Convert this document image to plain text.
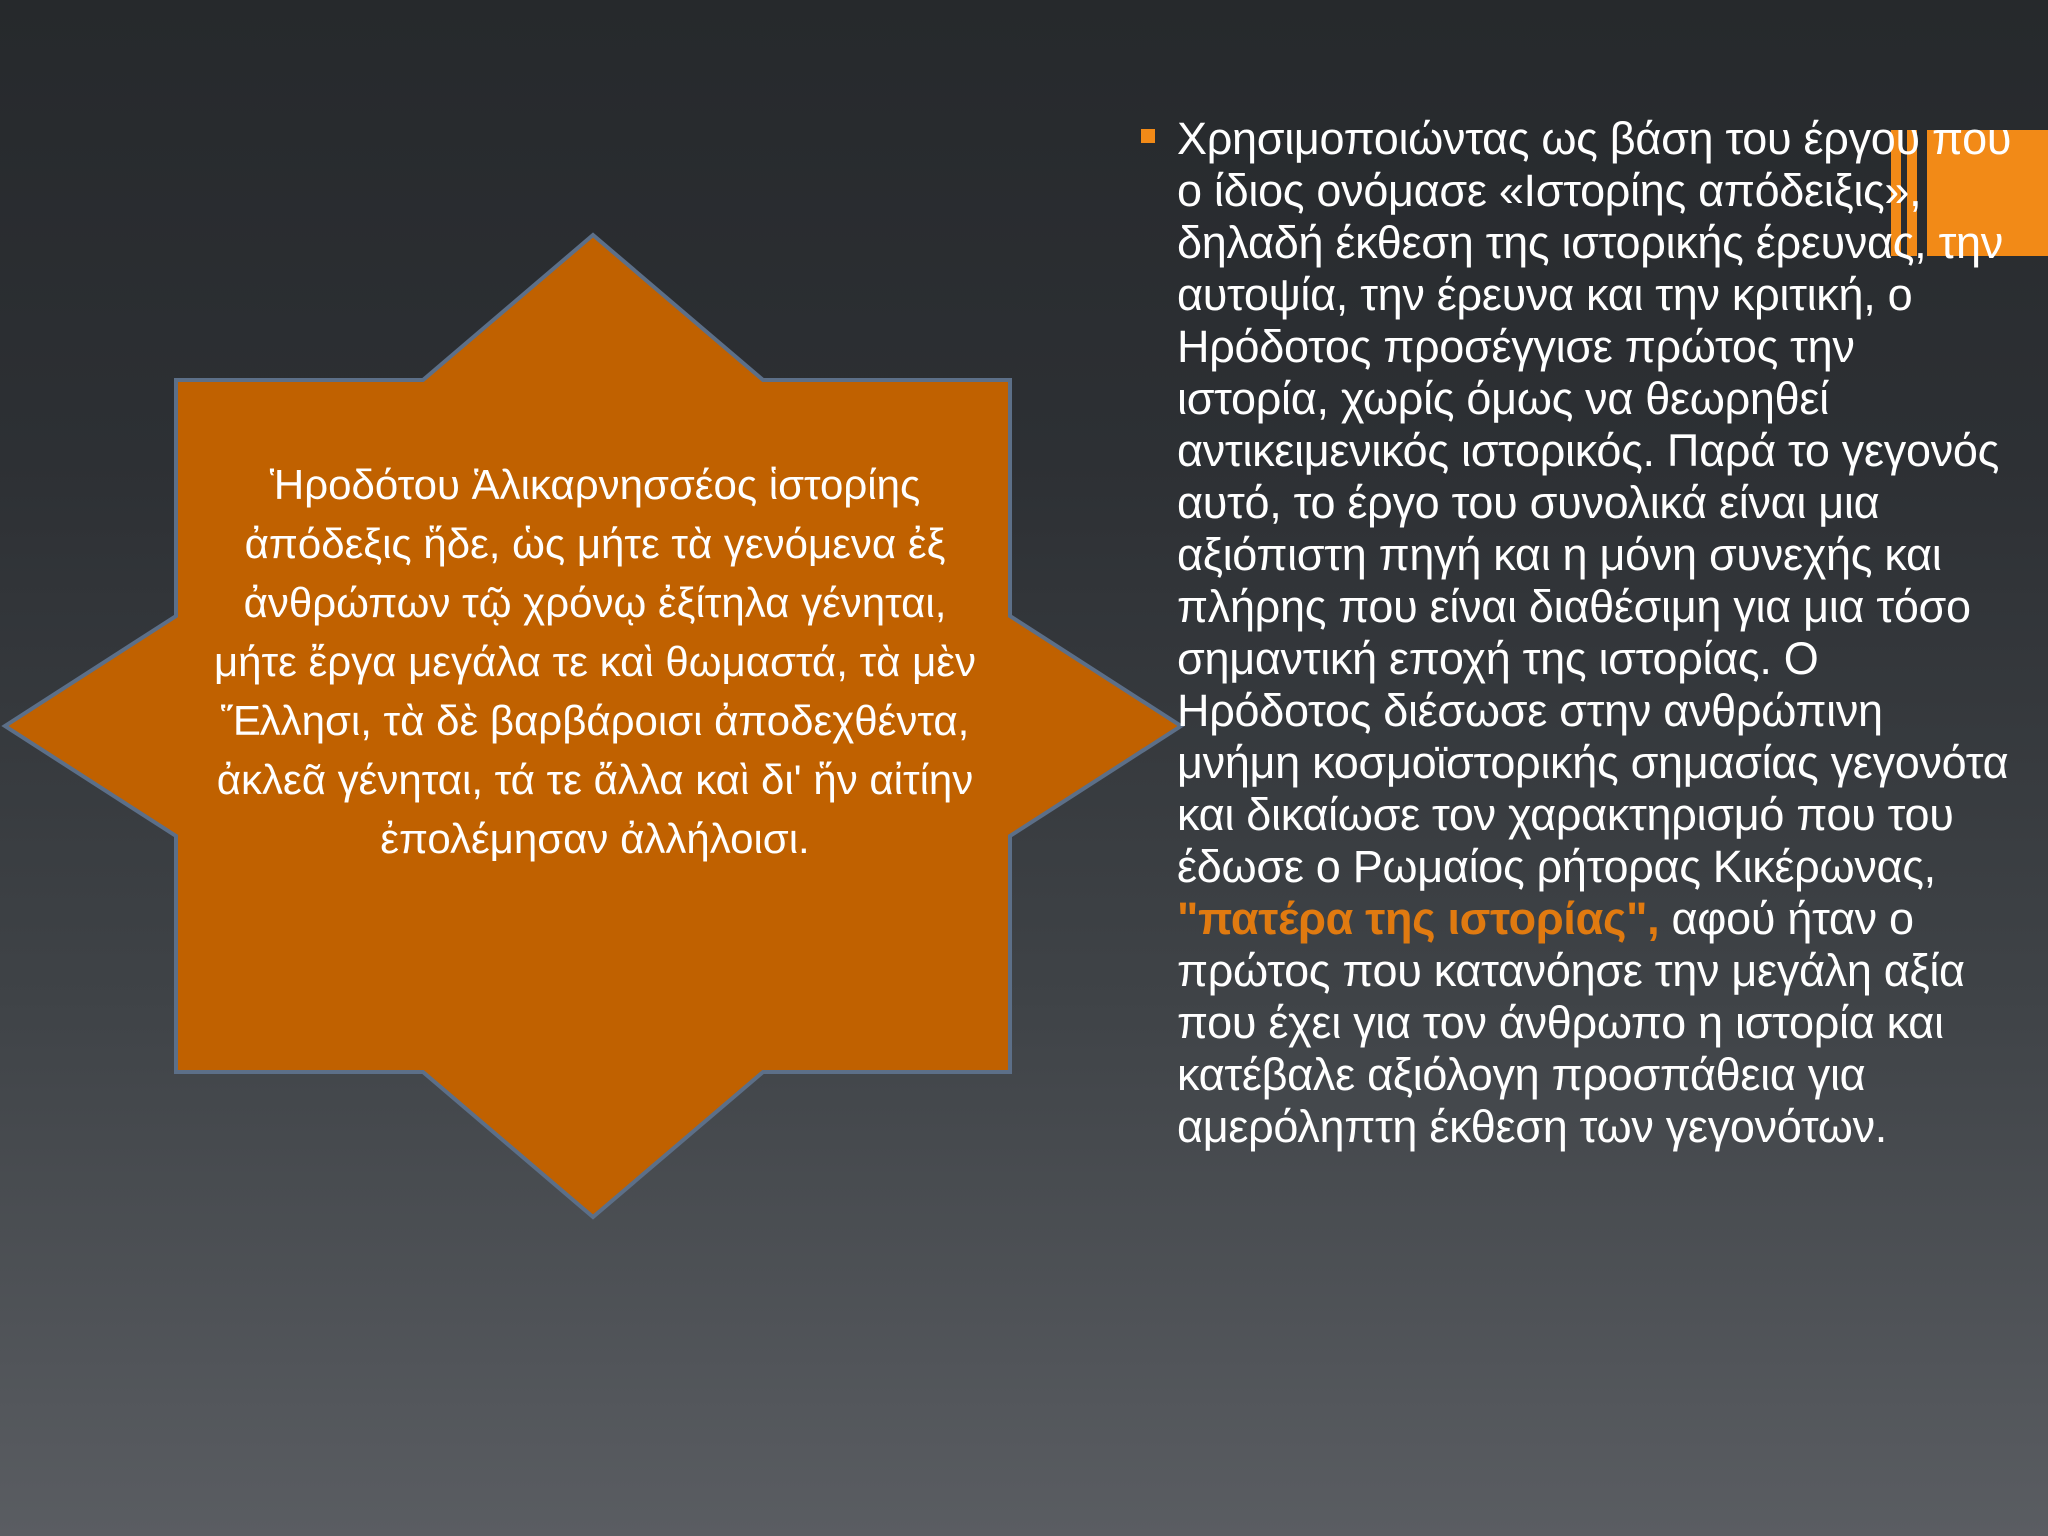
Ἡροδότου Ἁλικαρνησσέος ἱστορίης ἀπόδεξις ἥδε, ὡς μήτε τὰ γενόμενα ἐξ ἀνθρώπων τῷ χρόνῳ ἐξίτηλα γένηται, μήτε ἔργα μεγάλα τε καὶ θωμαστά, τὰ μὲν Ἕλλησι, τὰ δὲ βαρβάροισι ἀποδεχθέντα, ἀκλεᾶ γένηται, τά τε ἄλλα καὶ δι' ἥν αἰτίην ἐπολέμησαν ἀλλήλοισι.
Χρησιμοποιώντας ως βάση του έργου που ο ίδιος ονόμασε «Ιστορίης απόδειξις», δηλαδή έκθεση της ιστορικής έρευνας, την αυτοψία, την έρευνα και την κριτική, ο Ηρόδοτος προσέγγισε πρώτος την ιστορία, χωρίς όμως να θεωρηθεί αντικειμενικός ιστορικός. Παρά το γεγονός αυτό, το έργο του συνολικά είναι μια αξιόπιστη πηγή και η μόνη συνεχής και πλήρης που είναι διαθέσιμη για μια τόσο σημαντική εποχή της ιστορίας. Ο Ηρόδοτος διέσωσε στην ανθρώπινη μνήμη κοσμοϊστορικής σημασίας γεγονότα και δικαίωσε τον χαρακτηρισμό που του έδωσε ο Ρωμαίος ρήτορας Κικέρωνας, "πατέρα της ιστορίας", αφού ήταν ο πρώτος που κατανόησε την μεγάλη αξία που έχει για τον άνθρωπο η ιστορία και κατέβαλε αξιόλογη προσπάθεια για αμερόληπτη έκθεση των γεγονότων.
